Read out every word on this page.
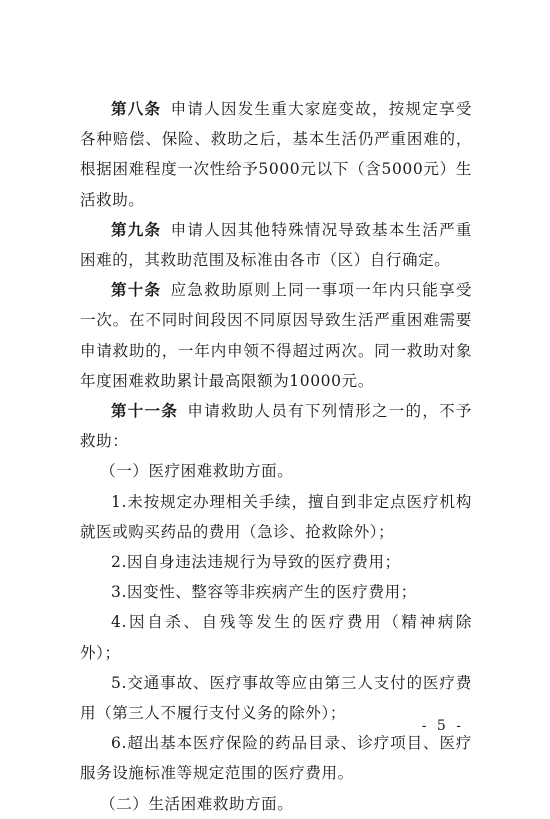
第八条 申请人因发生重大家庭变故，按规定享受各种赔偿、保险、救助之后，基本生活仍严重困难的，根据困难程度一次性给予5000元以下（含5000元）生活救助。

第九条 申请人因其他特殊情况导致基本生活严重困难的，其救助范围及标准由各市（区）自行确定。

第十条 应急救助原则上同一事项一年内只能享受一次。在不同时间段因不同原因导致生活严重困难需要申请救助的，一年内申领不得超过两次。同一救助对象年度困难救助累计最高限额为10000元。

第十一条 申请救助人员有下列情形之一的，不予救助：

（一）医疗困难救助方面。

1.未按规定办理相关手续，擅自到非定点医疗机构就医或购买药品的费用（急诊、抢救除外）；

2.因自身违法违规行为导致的医疗费用；

3.因变性、整容等非疾病产生的医疗费用；

4.因自杀、自残等发生的医疗费用（精神病除外）；

5.交通事故、医疗事故等应由第三人支付的医疗费用（第三人不履行支付义务的除外）；

6.超出基本医疗保险的药品目录、诊疗项目、医疗服务设施标准等规定范围的医疗费用。

（二）生活困难救助方面。

- 5 -
